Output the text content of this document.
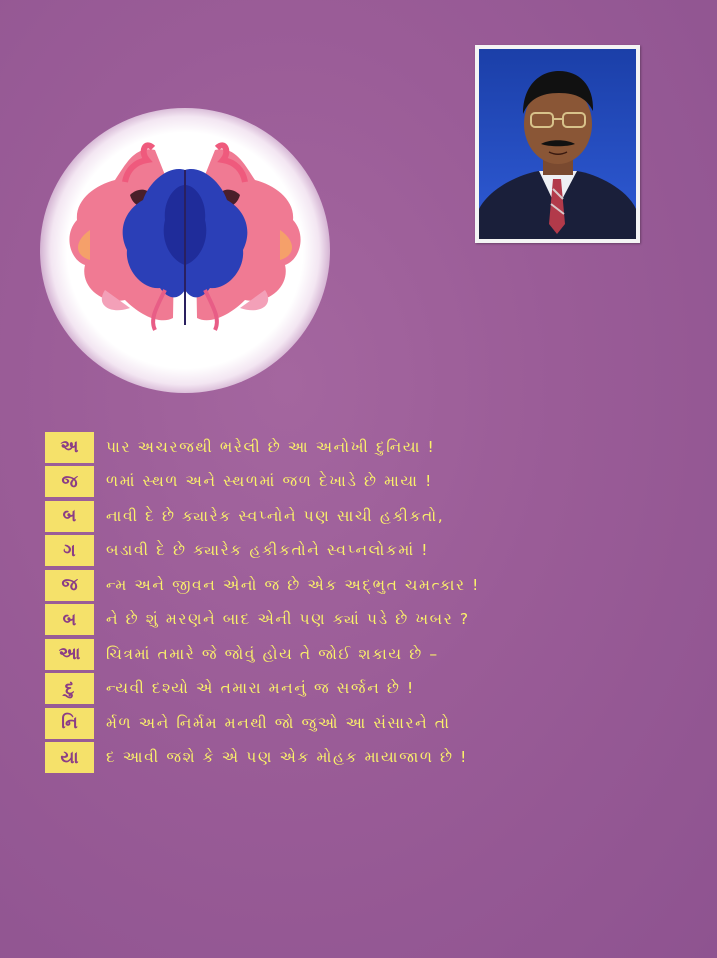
અ	પાર અચરજથી ભરેલી છે આ અનોખી દુનિયા !
જ	ળમાં સ્થળ અને સ્થળમાં જળ દેખાડે છે માયા !
બ	નાવી દે છે ક્યારેક સ્વપ્નોને પણ સાચી હકીકતો,
ગ	બડાવી દે છે ક્યારેક હકીકતોને સ્વપ્નલોકમાં !
જ	ન્મ અને જીવન એનો જ છે એક અદ્‌ભુત ચમત્કાર !
બ	ને છે શું મરણને બાદ એની પણ ક્યાં પડે છે ખબર ?
આ	ચિત્રમાં તમારે જે જોવું હોય તે જોઈ શકાય છે –
દુ	ન્યવી દશ્યો એ તમારા મનનું જ સર્જન છે !
નિ	ર્મળ અને નિર્મમ મનથી જો જુઓ આ સંસારને તો
યા	દ આવી જશે કે એ પણ એક મોહક માયાજાળ છે !
